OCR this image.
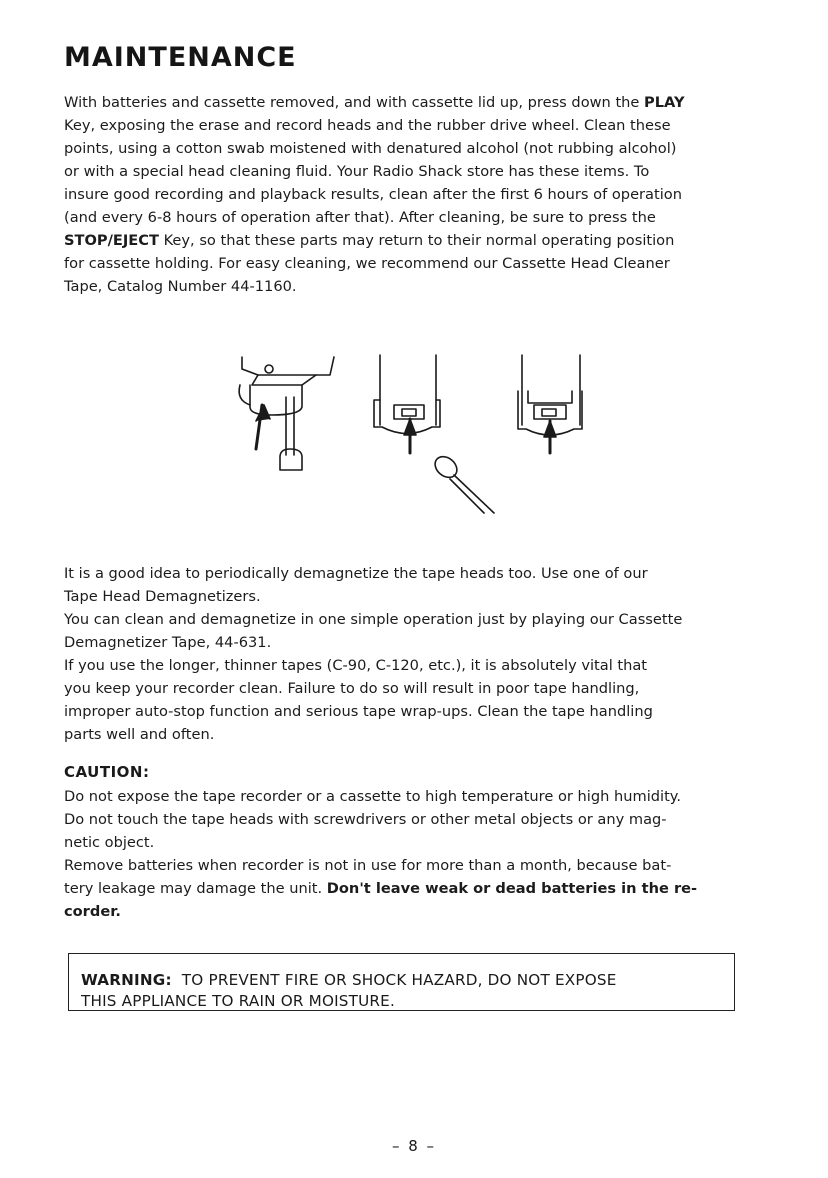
MAINTENANCE
With batteries and cassette removed, and with cassette lid up, press down the PLAY
Key, exposing the erase and record heads and the rubber drive wheel. Clean these
points, using a cotton swab moistened with denatured alcohol (not rubbing alcohol)
or with a special head cleaning fluid. Your Radio Shack store has these items. To
insure good recording and playback results, clean after the first 6 hours of operation
(and every 6-8 hours of operation after that). After cleaning, be sure to press the
STOP/EJECT Key, so that these parts may return to their normal operating position
for cassette holding. For easy cleaning, we recommend our Cassette Head Cleaner
Tape, Catalog Number 44-1160.
It is a good idea to periodically demagnetize the tape heads too. Use one of our
Tape Head Demagnetizers.
You can clean and demagnetize in one simple operation just by playing our Cassette
Demagnetizer Tape, 44-631.
If you use the longer, thinner tapes (C-90, C-120, etc.), it is absolutely vital that
you keep your recorder clean. Failure to do so will result in poor tape handling,
improper auto-stop function and serious tape wrap-ups. Clean the tape handling
parts well and often.
CAUTION:
Do not expose the tape recorder or a cassette to high temperature or high humidity.
Do not touch the tape heads with screwdrivers or other metal objects or any mag-
netic object.
Remove batteries when recorder is not in use for more than a month, because bat-
tery leakage may damage the unit. Don't leave weak or dead batteries in the re-
corder.
WARNING: TO PREVENT FIRE OR SHOCK HAZARD, DO NOT EXPOSE
THIS APPLIANCE TO RAIN OR MOISTURE.
– 8 –
